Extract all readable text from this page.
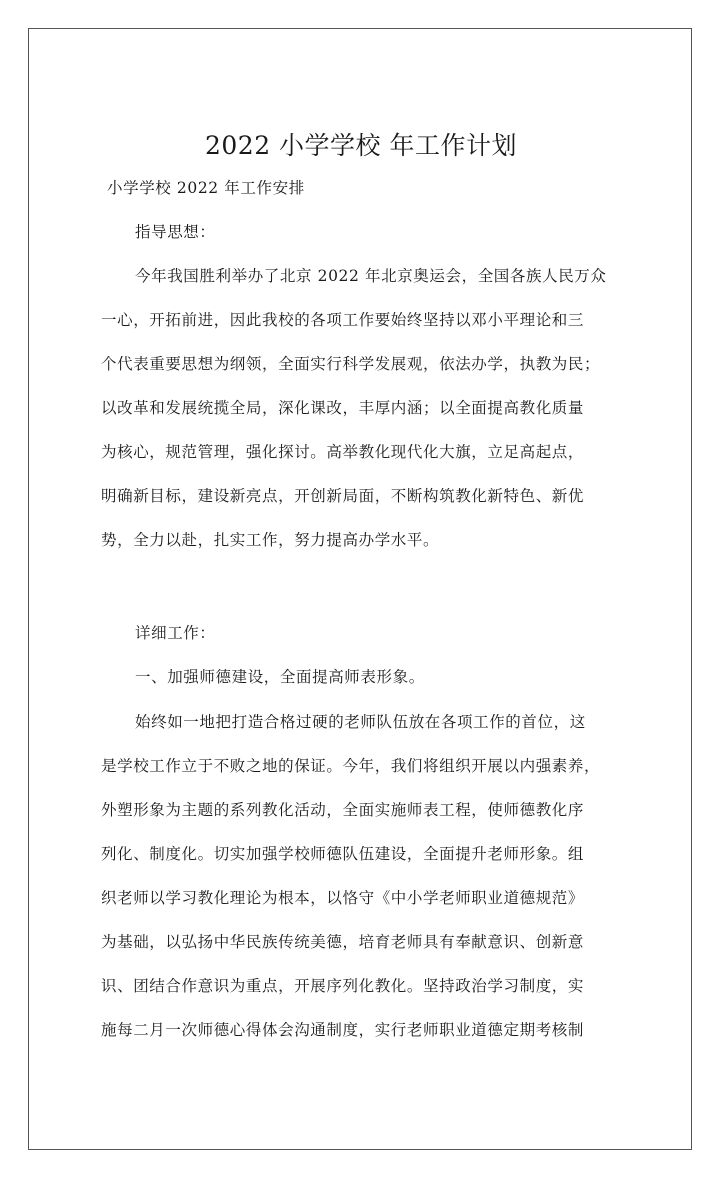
2022 小学学校 年工作计划
小学学校 2022 年工作安排
指导思想：
今年我国胜利举办了北京 2022 年北京奥运会，全国各族人民万众
一心，开拓前进，因此我校的各项工作要始终坚持以邓小平理论和三
个代表重要思想为纲领，全面实行科学发展观，依法办学，执教为民；
以改革和发展统揽全局，深化课改，丰厚内涵；以全面提高教化质量
为核心，规范管理，强化探讨。高举教化现代化大旗，立足高起点，
明确新目标，建设新亮点，开创新局面，不断构筑教化新特色、新优
势，全力以赴，扎实工作，努力提高办学水平。
详细工作：
一、加强师德建设，全面提高师表形象。
始终如一地把打造合格过硬的老师队伍放在各项工作的首位，这
是学校工作立于不败之地的保证。今年，我们将组织开展以内强素养，
外塑形象为主题的系列教化活动，全面实施师表工程，使师德教化序
列化、制度化。切实加强学校师德队伍建设，全面提升老师形象。组
织老师以学习教化理论为根本，以恪守《中小学老师职业道德规范》
为基础，以弘扬中华民族传统美德，培育老师具有奉献意识、创新意
识、团结合作意识为重点，开展序列化教化。坚持政治学习制度，实
施每二月一次师德心得体会沟通制度，实行老师职业道德定期考核制
